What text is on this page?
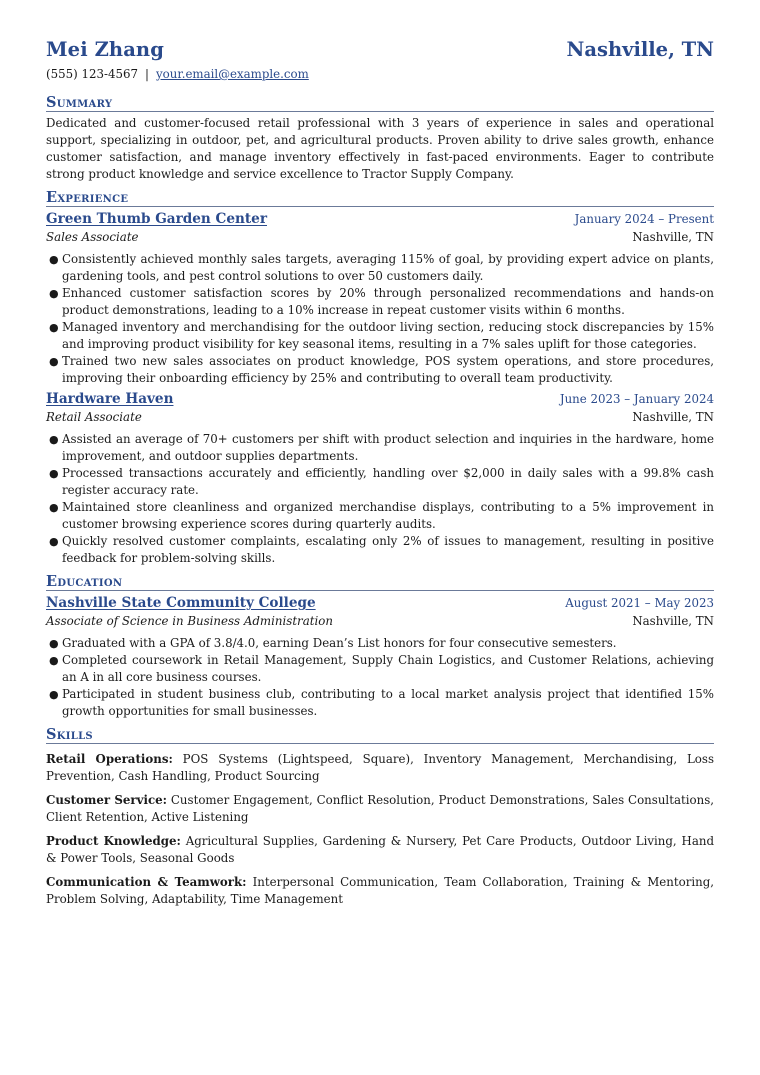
Mei Zhang	Nashville, TN
(555) 123-4567 | your.email@example.com
Summary

Dedicated and customer-focused retail professional with 3 years of experience in sales and operational support, specializing in outdoor, pet, and agricultural products. Proven ability to drive sales growth, enhance customer satisfaction, and manage inventory effectively in fast-paced environments. Eager to contribute strong product knowledge and service excellence to Tractor Supply Company.

Experience
Green Thumb Garden Center	January 2024 – Present
Sales Associate	Nashville, TN
● Consistently achieved monthly sales targets, averaging 115% of goal, by providing expert advice on plants, gardening tools, and pest control solutions to over 50 customers daily.
● Enhanced customer satisfaction scores by 20% through personalized recommendations and hands-on product demonstrations, leading to a 10% increase in repeat customer visits within 6 months.
● Managed inventory and merchandising for the outdoor living section, reducing stock discrepancies by 15% and improving product visibility for key seasonal items, resulting in a 7% sales uplift for those categories.
● Trained two new sales associates on product knowledge, POS system operations, and store procedures, improving their onboarding efficiency by 25% and contributing to overall team productivity.
Hardware Haven	June 2023 – January 2024
Retail Associate	Nashville, TN
● Assisted an average of 70+ customers per shift with product selection and inquiries in the hardware, home improvement, and outdoor supplies departments.
● Processed transactions accurately and efficiently, handling over $2,000 in daily sales with a 99.8% cash register accuracy rate.
● Maintained store cleanliness and organized merchandise displays, contributing to a 5% improvement in customer browsing experience scores during quarterly audits.
● Quickly resolved customer complaints, escalating only 2% of issues to management, resulting in positive feedback for problem-solving skills.
Education
Nashville State Community College	August 2021 – May 2023
Associate of Science in Business Administration	Nashville, TN
● Graduated with a GPA of 3.8/4.0, earning Dean’s List honors for four consecutive semesters.
● Completed coursework in Retail Management, Supply Chain Logistics, and Customer Relations, achieving an A in all core business courses.
● Participated in student business club, contributing to a local market analysis project that identified 15% growth opportunities for small businesses.
Skills
Retail Operations: POS Systems (Lightspeed, Square), Inventory Management, Merchandising, Loss Prevention, Cash Handling, Product Sourcing
Customer Service: Customer Engagement, Conflict Resolution, Product Demonstrations, Sales Consultations, Client Retention, Active Listening
Product Knowledge: Agricultural Supplies, Gardening & Nursery, Pet Care Products, Outdoor Living, Hand & Power Tools, Seasonal Goods
Communication & Teamwork: Interpersonal Communication, Team Collaboration, Training & Mentoring, Problem Solving, Adaptability, Time Management
